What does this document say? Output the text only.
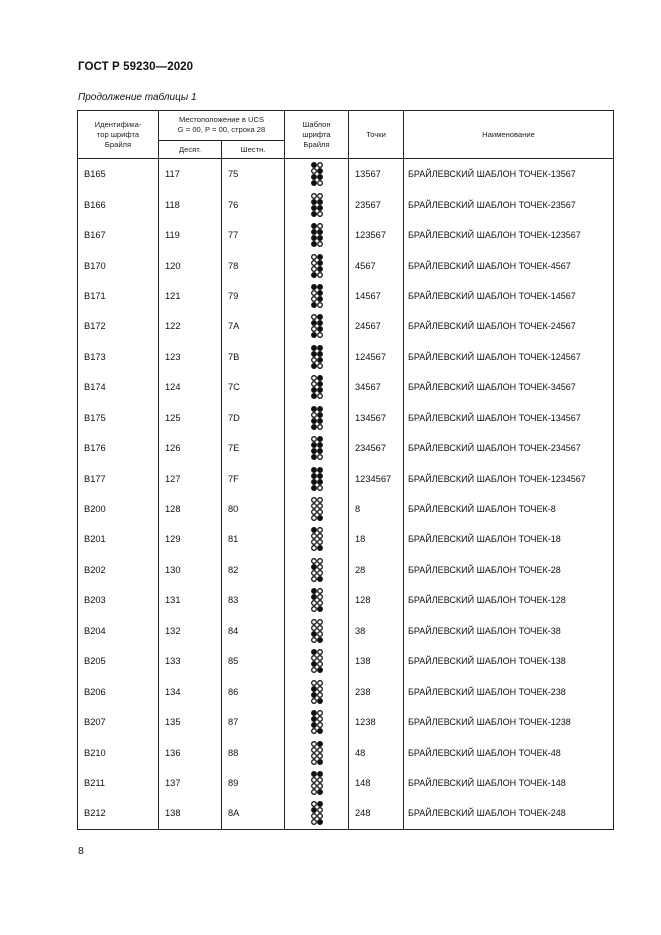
ГОСТ Р 59230—2020
Продолжение таблицы 1
Идентифика-
тор шрифта
Брайля	Местоположение в UCS
G = 00, P = 00, строка 28		Шаблон
шрифта
Брайля	Точки	Наименование
	Десят.	Шестн.			
B165	117	75		13567	БРАЙЛЕВСКИЙ ШАБЛОН ТОЧЕК-13567
B166	118	76		23567	БРАЙЛЕВСКИЙ ШАБЛОН ТОЧЕК-23567
B167	119	77		123567	БРАЙЛЕВСКИЙ ШАБЛОН ТОЧЕК-123567
B170	120	78		4567	БРАЙЛЕВСКИЙ ШАБЛОН ТОЧЕК-4567
B171	121	79		14567	БРАЙЛЕВСКИЙ ШАБЛОН ТОЧЕК-14567
B172	122	7A		24567	БРАЙЛЕВСКИЙ ШАБЛОН ТОЧЕК-24567
B173	123	7B		124567	БРАЙЛЕВСКИЙ ШАБЛОН ТОЧЕК-124567
B174	124	7C		34567	БРАЙЛЕВСКИЙ ШАБЛОН ТОЧЕК-34567
B175	125	7D		134567	БРАЙЛЕВСКИЙ ШАБЛОН ТОЧЕК-134567
B176	126	7E		234567	БРАЙЛЕВСКИЙ ШАБЛОН ТОЧЕК-234567
B177	127	7F		1234567	БРАЙЛЕВСКИЙ ШАБЛОН ТОЧЕК-1234567
B200	128	80		8	БРАЙЛЕВСКИЙ ШАБЛОН ТОЧЕК-8
B201	129	81		18	БРАЙЛЕВСКИЙ ШАБЛОН ТОЧЕК-18
B202	130	82		28	БРАЙЛЕВСКИЙ ШАБЛОН ТОЧЕК-28
B203	131	83		128	БРАЙЛЕВСКИЙ ШАБЛОН ТОЧЕК-128
B204	132	84		38	БРАЙЛЕВСКИЙ ШАБЛОН ТОЧЕК-38
B205	133	85		138	БРАЙЛЕВСКИЙ ШАБЛОН ТОЧЕК-138
B206	134	86		238	БРАЙЛЕВСКИЙ ШАБЛОН ТОЧЕК-238
B207	135	87		1238	БРАЙЛЕВСКИЙ ШАБЛОН ТОЧЕК-1238
B210	136	88		48	БРАЙЛЕВСКИЙ ШАБЛОН ТОЧЕК-48
B211	137	89		148	БРАЙЛЕВСКИЙ ШАБЛОН ТОЧЕК-148
B212	138	8A		248	БРАЙЛЕВСКИЙ ШАБЛОН ТОЧЕК-248
8
